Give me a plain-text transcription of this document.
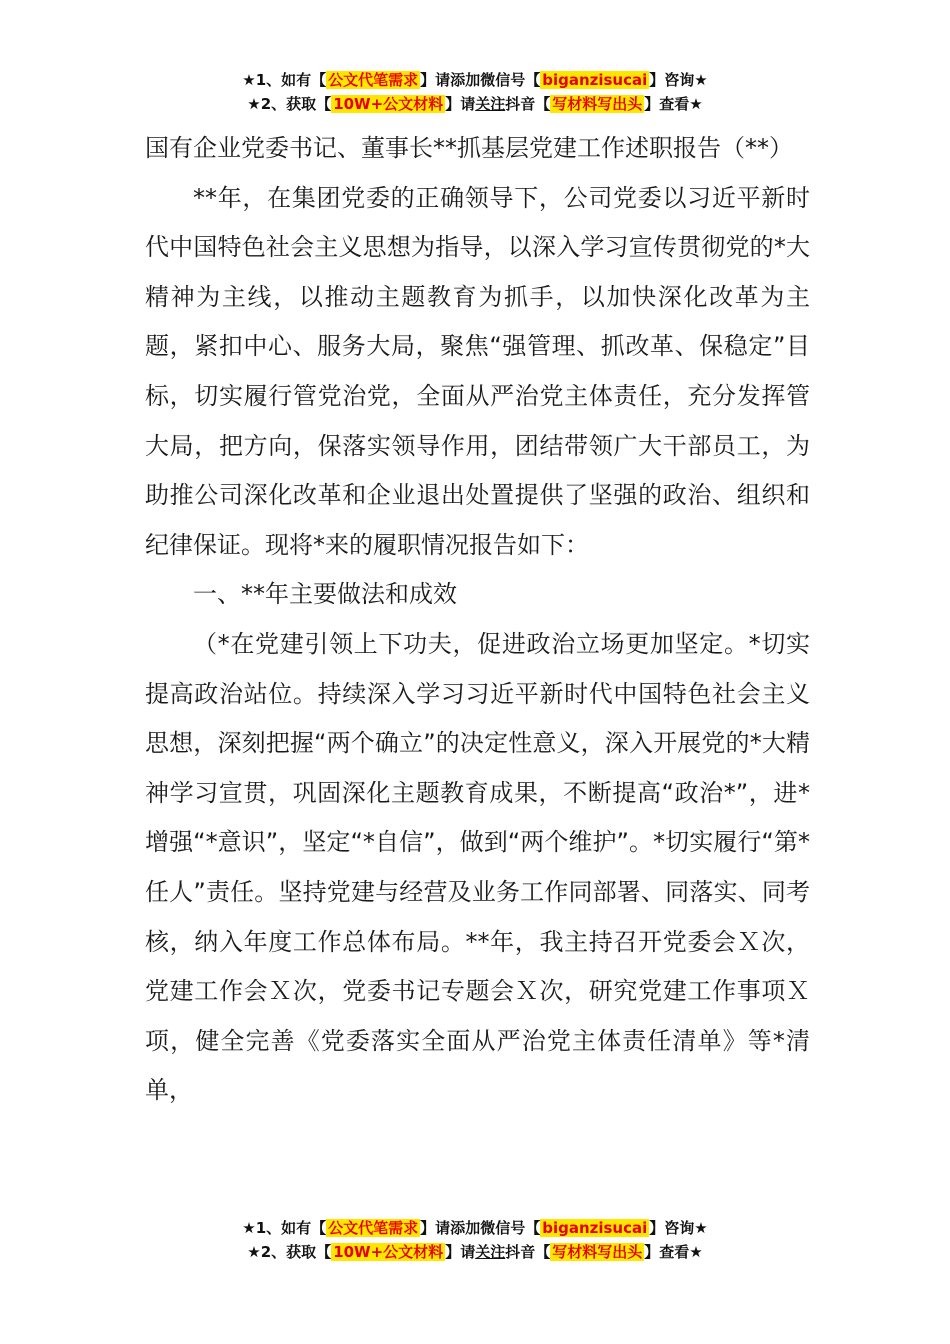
★1、如有【 公文代笔需求 】请添加微信号【 biganzisucai 】咨询★
★2、获取【 10W+公文材料 】请关注抖音【 写材料写出头 】查看★

国有企业党委书记、董事长**抓基层党建工作述职报告（**）

**年，在集团党委的正确领导下，公司党委以习近平新时代中国特色社会主义思想为指导，以深入学习宣传贯彻党的*大精神为主线，以推动主题教育为抓手，以加快深化改革为主题，紧扣中心、服务大局，聚焦“强管理、抓改革、保稳定”目标，切实履行管党治党，全面从严治党主体责任，充分发挥管大局，把方向，保落实领导作用，团结带领广大干部员工，为助推公司深化改革和企业退出处置提供了坚强的政治、组织和纪律保证。现将*来的履职情况报告如下：

一、**年主要做法和成效

（*在党建引领上下功夫，促进政治立场更加坚定。*切实提高政治站位。持续深入学习习近平新时代中国特色社会主义思想，深刻把握“两个确立”的决定性意义，深入开展党的*大精神学习宣贯，巩固深化主题教育成果，不断提高“政治*”，进*增强“*意识”，坚定“*自信”，做到“两个维护”。*切实履行“第*任人”责任。坚持党建与经营及业务工作同部署、同落实、同考核，纳入年度工作总体布局。**年，我主持召开党委会Ｘ次，党建工作会Ｘ次，党委书记专题会Ｘ次，研究党建工作事项Ｘ项，健全完善《党委落实全面从严治党主体责任清单》等*清单，

★1、如有【 公文代笔需求 】请添加微信号【 biganzisucai 】咨询★
★2、获取【 10W+公文材料 】请关注抖音【 写材料写出头 】查看★
